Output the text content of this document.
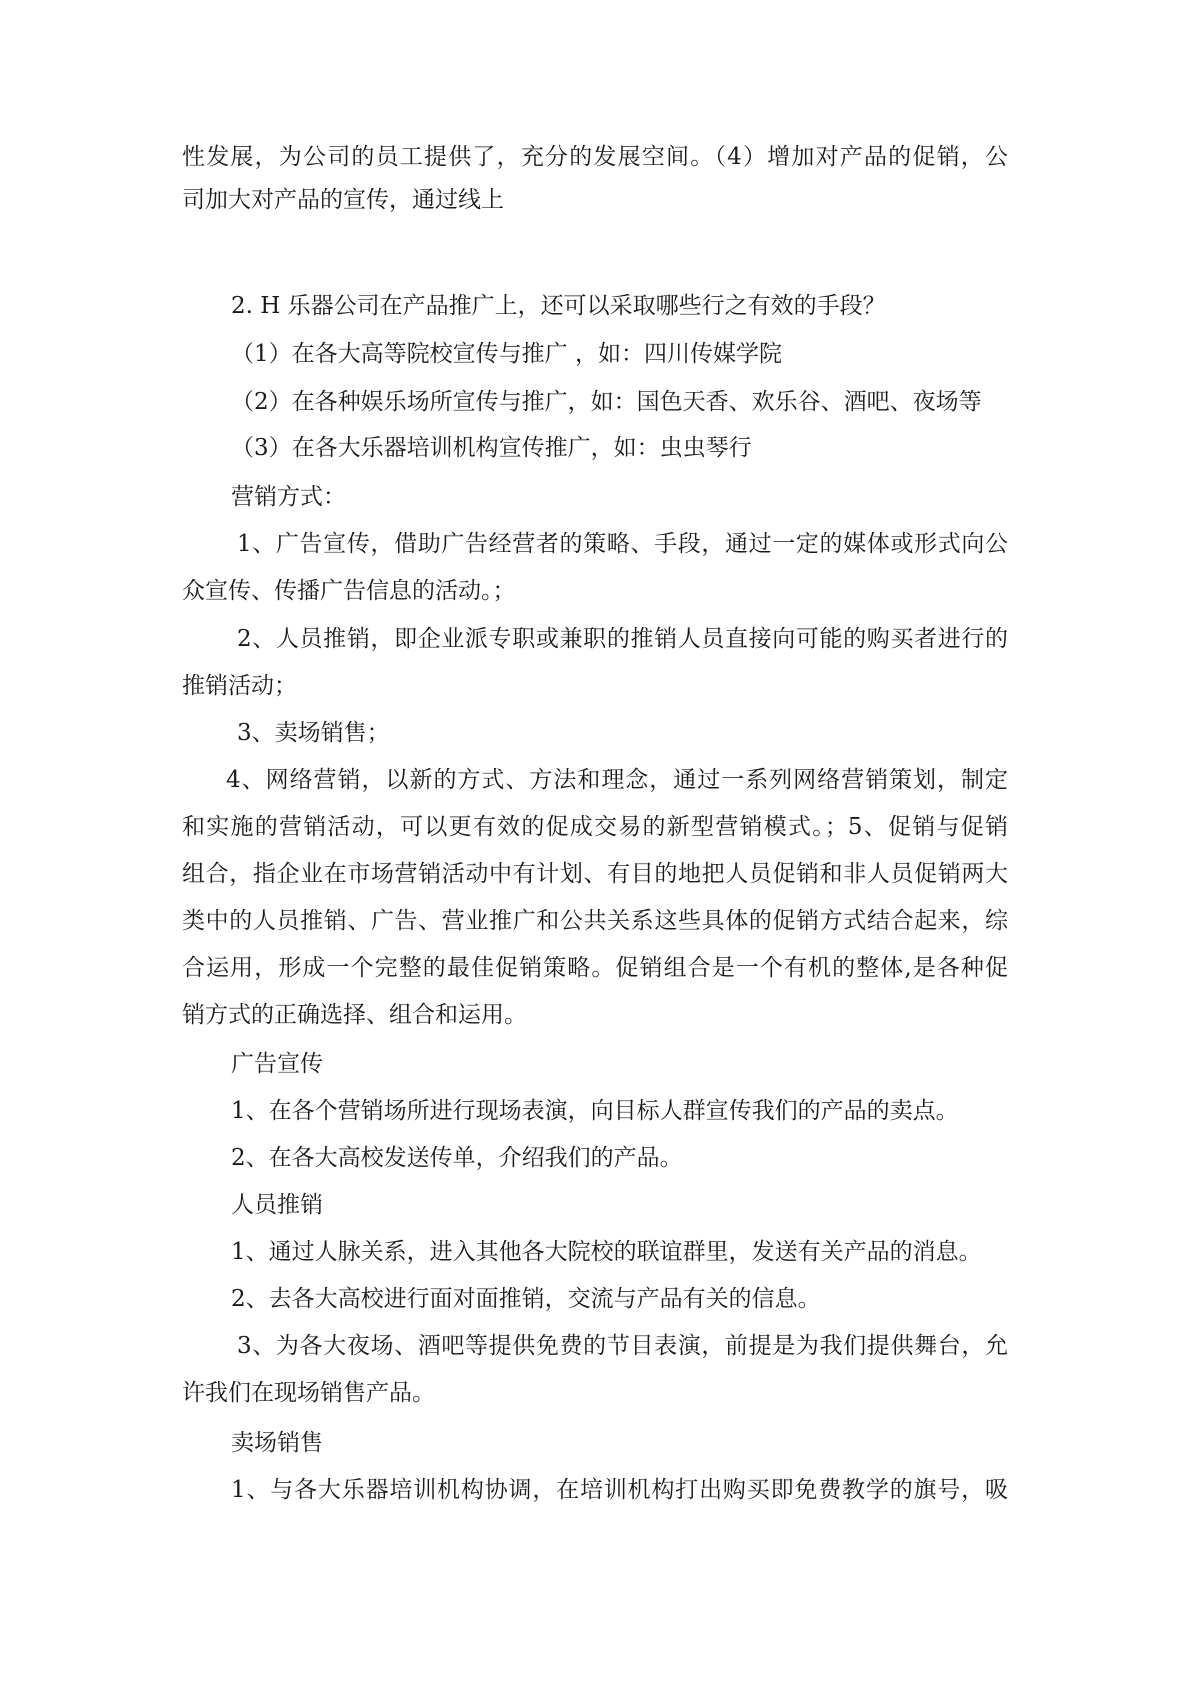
性发展，为公司的员工提供了，充分的发展空间。（4）增加对产品的促销，公
司加大对产品的宣传，通过线上
2. H 乐器公司在产品推广上，还可以采取哪些行之有效的手段？
（1）在各大高等院校宣传与推广 ，如：四川传媒学院
（2）在各种娱乐场所宣传与推广，如：国色天香、欢乐谷、酒吧、夜场等
（3）在各大乐器培训机构宣传推广，如：虫虫琴行
营销方式：
1、广告宣传，借助广告经营者的策略、手段，通过一定的媒体或形式向公
众宣传、传播广告信息的活动。；
2、人员推销，即企业派专职或兼职的推销人员直接向可能的购买者进行的
推销活动；
3、卖场销售；
4、网络营销，以新的方式、方法和理念，通过一系列网络营销策划，制定
和实施的营销活动，可以更有效的促成交易的新型营销模式。；5、促销与促销
组合，指企业在市场营销活动中有计划、有目的地把人员促销和非人员促销两大
类中的人员推销、广告、营业推广和公共关系这些具体的促销方式结合起来，综
合运用，形成一个完整的最佳促销策略。促销组合是一个有机的整体,是各种促
销方式的正确选择、组合和运用。
广告宣传
1、在各个营销场所进行现场表演，向目标人群宣传我们的产品的卖点。
2、在各大高校发送传单，介绍我们的产品。
人员推销
1、通过人脉关系，进入其他各大院校的联谊群里，发送有关产品的消息。
2、去各大高校进行面对面推销，交流与产品有关的信息。
3、为各大夜场、酒吧等提供免费的节目表演，前提是为我们提供舞台，允
许我们在现场销售产品。
卖场销售
1、与各大乐器培训机构协调，在培训机构打出购买即免费教学的旗号，吸
